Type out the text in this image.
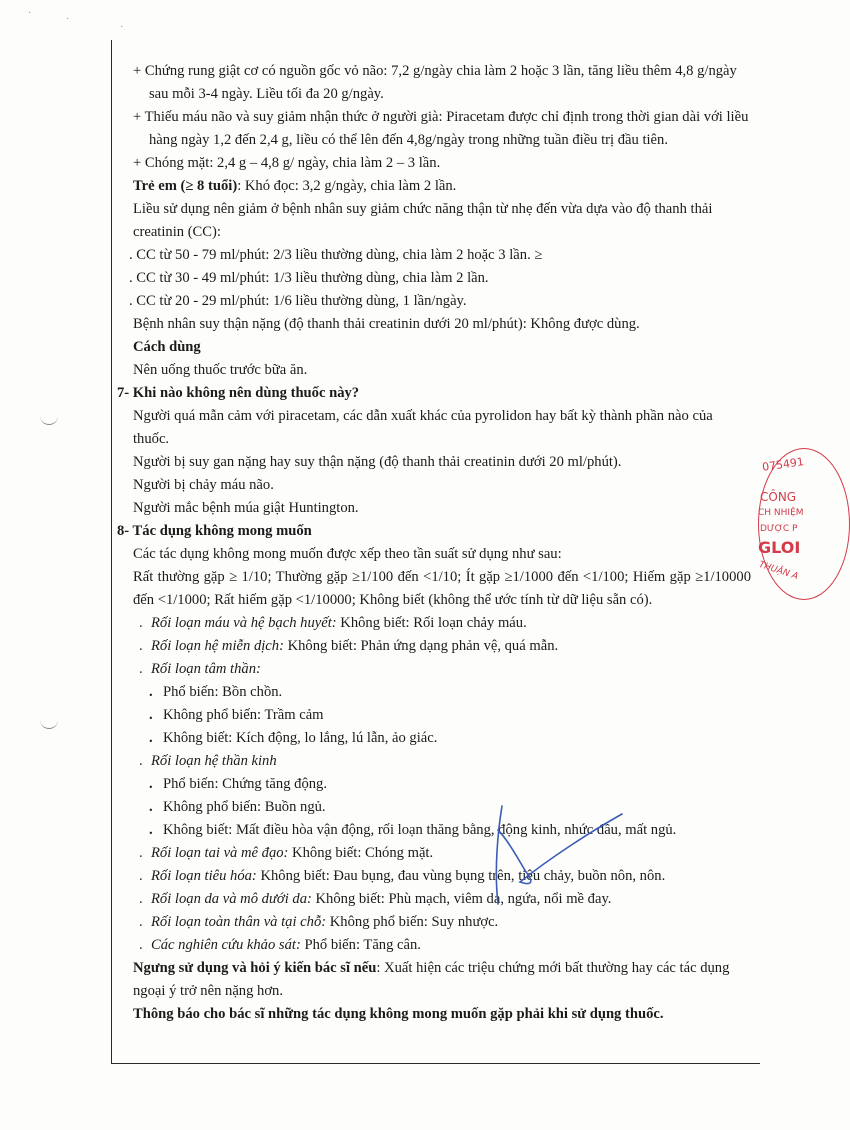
·
·
·

+ Chứng rung giật cơ có nguồn gốc vỏ não: 7,2 g/ngày chia làm 2 hoặc 3 lần, tăng liều thêm 4,8 g/ngày sau mỗi 3-4 ngày. Liều tối đa 20 g/ngày.

+ Thiếu máu não và suy giảm nhận thức ở người già: Piracetam được chỉ định trong thời gian dài với liều hàng ngày 1,2 đến 2,4 g, liều có thể lên đến 4,8g/ngày trong những tuần điều trị đầu tiên.

+ Chóng mặt: 2,4 g – 4,8 g/ ngày, chia làm 2 – 3 lần.

Trẻ em (≥ 8 tuổi): Khó đọc: 3,2 g/ngày, chia làm 2 lần.

Liều sử dụng nên giảm ở bệnh nhân suy giảm chức năng thận từ nhẹ đến vừa dựa vào độ thanh thải creatinin (CC):

. CC từ 50 - 79 ml/phút: 2/3 liều thường dùng, chia làm 2 hoặc 3 lần. ≥

. CC từ 30 - 49 ml/phút: 1/3 liều thường dùng, chia làm 2 lần.

. CC từ 20 - 29 ml/phút: 1/6 liều thường dùng, 1 lần/ngày.

Bệnh nhân suy thận nặng (độ thanh thải creatinin dưới 20 ml/phút): Không được dùng.

Cách dùng

Nên uống thuốc trước bữa ăn.

7- Khi nào không nên dùng thuốc này?

Người quá mẫn cảm với piracetam, các dẫn xuất khác của pyrolidon hay bất kỳ thành phần nào của thuốc.

Người bị suy gan nặng hay suy thận nặng (độ thanh thải creatinin dưới 20 ml/phút).

Người bị chảy máu não.

Người mắc bệnh múa giật Huntington.

8- Tác dụng không mong muốn

Các tác dụng không mong muốn được xếp theo tần suất sử dụng như sau:

Rất thường gặp ≥ 1/10; Thường gặp ≥1/100 đến <1/10; Ít gặp ≥1/1000 đến <1/100; Hiếm gặp ≥1/10000 đến <1/1000; Rất hiếm gặp <1/10000; Không biết (không thể ước tính từ dữ liệu sẵn có).

. Rối loạn máu và hệ bạch huyết: Không biết: Rối loạn chảy máu.

. Rối loạn hệ miễn dịch: Không biết: Phản ứng dạng phản vệ, quá mẫn.

. Rối loạn tâm thần:

. Phổ biến: Bồn chồn.

. Không phổ biến: Trầm cảm

. Không biết: Kích động, lo lắng, lú lẫn, ảo giác.

. Rối loạn hệ thần kinh

. Phổ biến: Chứng tăng động.

. Không phổ biến: Buồn ngủ.

. Không biết: Mất điều hòa vận động, rối loạn thăng bằng, động kinh, nhức đầu, mất ngủ.

. Rối loạn tai và mê đạo: Không biết: Chóng mặt.

. Rối loạn tiêu hóa: Không biết: Đau bụng, đau vùng bụng trên, tiêu chảy, buồn nôn, nôn.

. Rối loạn da và mô dưới da: Không biết: Phù mạch, viêm da, ngứa, nổi mề đay.

. Rối loạn toàn thân và tại chỗ: Không phổ biến: Suy nhược.

. Các nghiên cứu khảo sát: Phổ biến: Tăng cân.

Ngưng sử dụng và hỏi ý kiến bác sĩ nếu: Xuất hiện các triệu chứng mới bất thường hay các tác dụng ngoại ý trở nên nặng hơn.

Thông báo cho bác sĩ những tác dụng không mong muốn gặp phải khi sử dụng thuốc.

075491
CÔNG
CH NHIỆM
DƯỢC P
GLOI
THUẬN A
